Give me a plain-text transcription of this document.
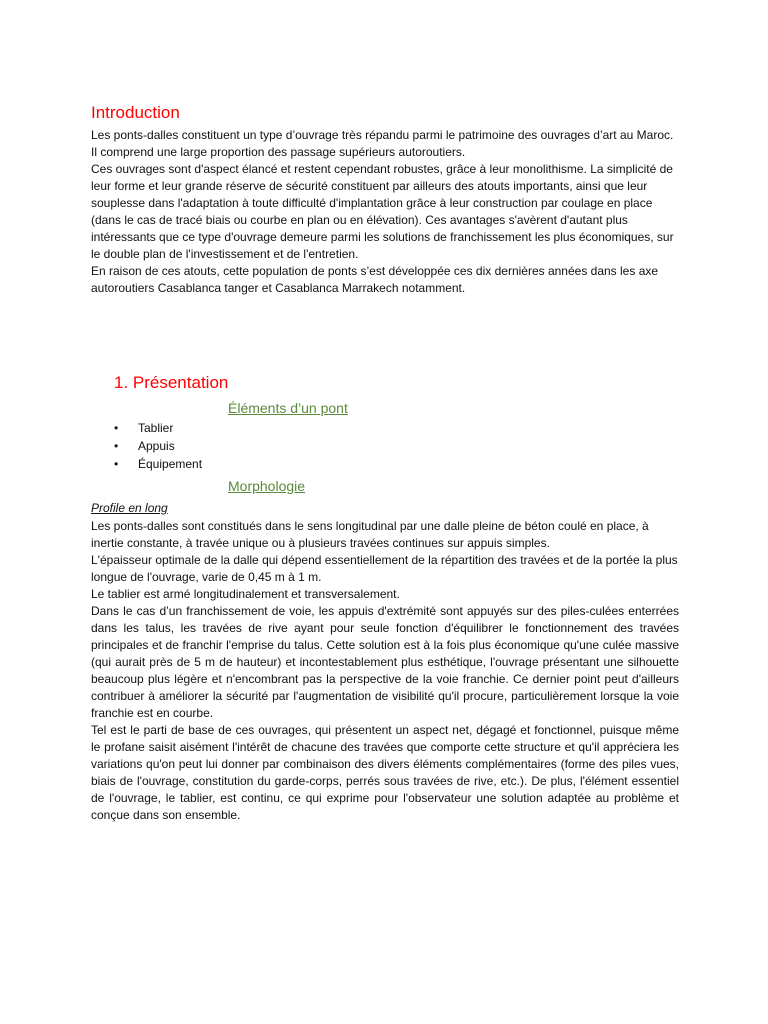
Introduction

Les ponts-dalles constituent un type d’ouvrage très répandu parmi le patrimoine des ouvrages d’art au Maroc. Il comprend une large proportion des passage supérieurs autoroutiers.

Ces ouvrages sont d'aspect élancé et restent cependant robustes, grâce à leur monolithisme. La simplicité de leur forme et leur grande réserve de sécurité constituent par ailleurs des atouts importants, ainsi que leur souplesse dans l'adaptation à toute difficulté d'implantation grâce à leur construction par coulage en place (dans le cas de tracé biais ou courbe en plan ou en élévation). Ces avantages s'avèrent d'autant plus intéressants que ce type d'ouvrage demeure parmi les solutions de franchissement les plus économiques, sur le double plan de l'investissement et de l'entretien.

En raison de ces atouts, cette population de ponts s’est développée ces dix dernières années dans les axe autoroutiers Casablanca tanger et Casablanca Marrakech notamment.

1. Présentation
Éléments d’un pont
• Tablier
• Appuis
• Équipement
Morphologie

Profile en long

Les ponts-dalles sont constitués dans le sens longitudinal par une dalle pleine de béton coulé en place, à inertie constante, à travée unique ou à plusieurs travées continues sur appuis simples.

L'épaisseur optimale de la dalle qui dépend essentiellement de la répartition des travées et de la portée la plus longue de l'ouvrage, varie de 0,45 m à 1 m.

Le tablier est armé longitudinalement et transversalement.

Dans le cas d’un franchissement de voie, les appuis d'extrémité sont appuyés sur des piles-culées enterrées dans les talus, les travées de rive ayant pour seule fonction d'équilibrer le fonctionnement des travées principales et de franchir l'emprise du talus. Cette solution est à la fois plus économique qu'une culée massive (qui aurait près de 5 m de hauteur) et incontestablement plus esthétique, l'ouvrage présentant une silhouette beaucoup plus légère et n'encombrant pas la perspective de la voie franchie. Ce dernier point peut d'ailleurs contribuer à améliorer la sécurité par l'augmentation de visibilité qu'il procure, particulièrement lorsque la voie franchie est en courbe.

Tel est le parti de base de ces ouvrages, qui présentent un aspect net, dégagé et fonctionnel, puisque même le profane saisit aisément l'intérêt de chacune des travées que comporte cette structure et qu'il appréciera les variations qu'on peut lui donner par combinaison des divers éléments complémentaires (forme des piles vues, biais de l'ouvrage, constitution du garde-corps, perrés sous travées de rive, etc.). De plus, l'élément essentiel de l'ouvrage, le tablier, est continu, ce qui exprime pour l'observateur une solution adaptée au problème et conçue dans son ensemble.
